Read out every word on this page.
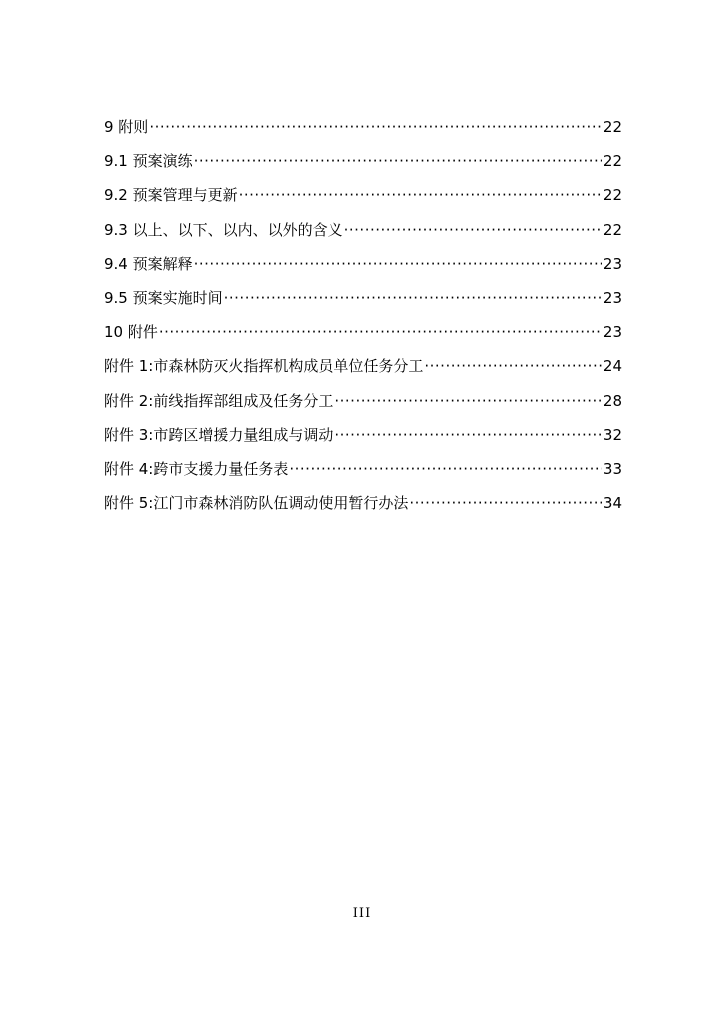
9 附则 ·····	22
9.1 预案演练 ·····	22
9.2 预案管理与更新 ·····	22
9.3 以上、以下、以内、以外的含义 ·····	22
9.4 预案解释 ·····	23
9.5 预案实施时间 ·····	23
10 附件 ·····	23
附件 1:市森林防灭火指挥机构成员单位任务分工 ·····	24
附件 2:前线指挥部组成及任务分工 ·····	28
附件 3:市跨区增援力量组成与调动 ·····	32
附件 4:跨市支援力量任务表 ·····	33
附件 5:江门市森林消防队伍调动使用暂行办法 ·····	34
III
